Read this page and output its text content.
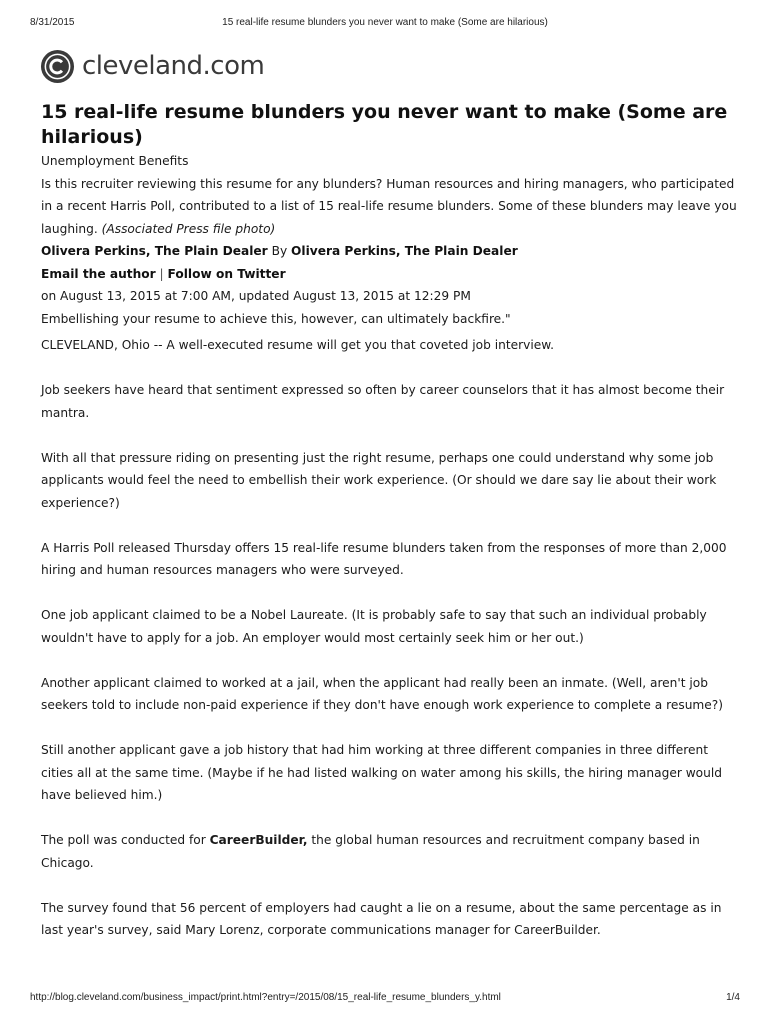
8/31/2015	15 real-life resume blunders you never want to make (Some are hilarious)
cleveland.com
15 real-life resume blunders you never want to make (Some are hilarious)
Unemployment Benefits

Is this recruiter reviewing this resume for any blunders? Human resources and hiring managers, who participated in a recent Harris Poll, contributed to a list of 15 real-life resume blunders. Some of these blunders may leave you laughing. (Associated Press file photo)

Olivera Perkins, The Plain Dealer By Olivera Perkins, The Plain Dealer
Email the author | Follow on Twitter
on August 13, 2015 at 7:00 AM, updated August 13, 2015 at 12:29 PM
Embellishing your resume to achieve this, however, can ultimately backfire."

CLEVELAND, Ohio -- A well-executed resume will get you that coveted job interview.

Job seekers have heard that sentiment expressed so often by career counselors that it has almost become their mantra.

With all that pressure riding on presenting just the right resume, perhaps one could understand why some job applicants would feel the need to embellish their work experience. (Or should we dare say lie about their work experience?)

A Harris Poll released Thursday offers 15 real-life resume blunders taken from the responses of more than 2,000 hiring and human resources managers who were surveyed.

One job applicant claimed to be a Nobel Laureate. (It is probably safe to say that such an individual probably wouldn't have to apply for a job. An employer would most certainly seek him or her out.)

Another applicant claimed to worked at a jail, when the applicant had really been an inmate. (Well, aren't job seekers told to include non-paid experience if they don't have enough work experience to complete a resume?)

Still another applicant gave a job history that had him working at three different companies in three different cities all at the same time. (Maybe if he had listed walking on water among his skills, the hiring manager would have believed him.)

The poll was conducted for CareerBuilder, the global human resources and recruitment company based in Chicago.

The survey found that 56 percent of employers had caught a lie on a resume, about the same percentage as in last year's survey, said Mary Lorenz, corporate communications manager for CareerBuilder.

http://blog.cleveland.com/business_impact/print.html?entry=/2015/08/15_real-life_resume_blunders_y.html	1/4
